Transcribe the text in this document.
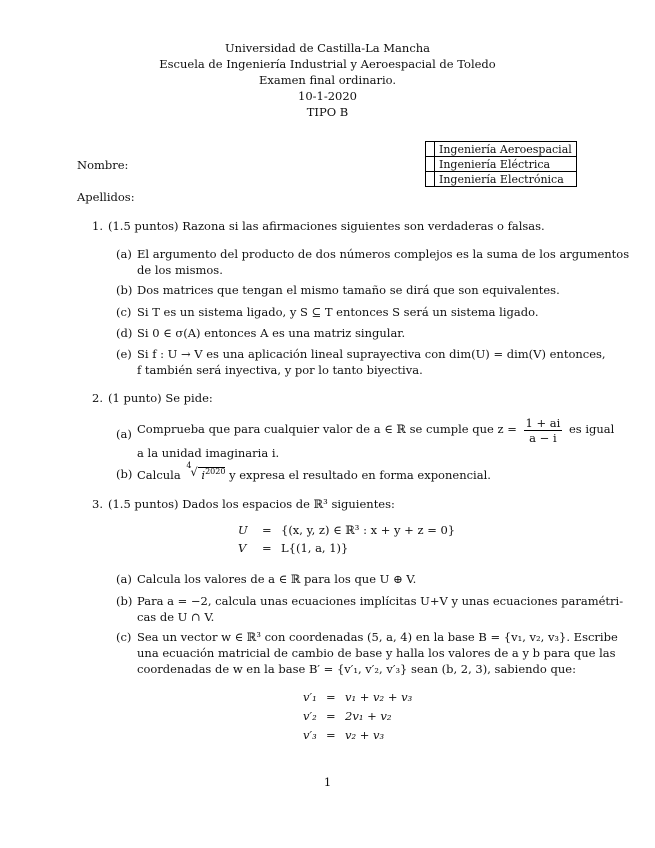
Universidad de Castilla-La Mancha
Escuela de Ingeniería Industrial y Aeroespacial de Toledo
Examen final ordinario.
10-1-2020
TIPO B
	Ingeniería Aeroespacial
	Ingeniería Eléctrica
	Ingeniería Electrónica
Nombre:
Apellidos:
1. (1.5 puntos) Razona si las afirmaciones siguientes son verdaderas o falsas.
(a) El argumento del producto de dos números complejos es la suma de los argumentos
de los mismos.
(b) Dos matrices que tengan el mismo tamaño se dirá que son equivalentes.
(c) Si T es un sistema ligado, y S ⊆ T entonces S será un sistema ligado.
(d) Si 0 ∈ σ(A) entonces A es una matriz singular.
(e) Si f : U → V es una aplicación lineal suprayectiva con dim(U) = dim(V) entonces,
f también será inyectiva, y por lo tanto biyectiva.
2. (1 punto) Se pide:
(a) Comprueba que para cualquier valor de a ∈ ℝ se cumple que $z = \frac{1 + ai}{a - i}$ es igual
a la unidad imaginaria i.
(b) Calcula
4
√ $i^{2020}$ y expresa el resultado en forma exponencial.
3. (1.5 puntos) Dados los espacios de ℝ³ siguientes:
U = {(x, y, z) ∈ ℝ³ : x + y + z = 0}
V = L{(1, a, 1)}
(a) Calcula los valores de a ∈ ℝ para los que U ⊕ V.
(b) Para a = −2, calcula unas ecuaciones implícitas U+V y unas ecuaciones paramétri-
cas de U ∩ V.
(c) Sea un vector w ∈ ℝ³ con coordenadas (5, a, 4) en la base B = {v₁, v₂, v₃}. Escribe
una ecuación matricial de cambio de base y halla los valores de a y b para que las
coordenadas de w en la base B′ = {v′₁, v′₂, v′₃} sean (b, 2, 3), sabiendo que:
v′₁ = v₁ + v₂ + v₃
v′₂ = 2v₁ + v₂
v′₃ = v₂ + v₃
1
